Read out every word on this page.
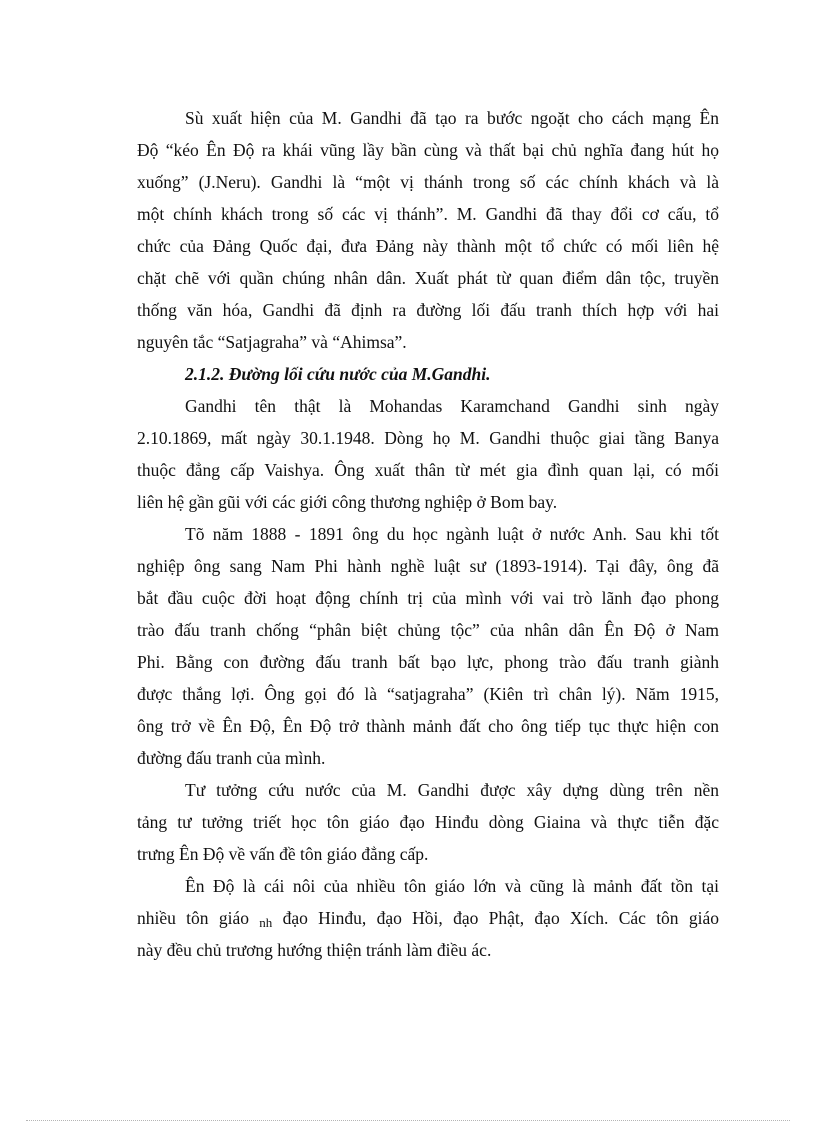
Sù xuất hiện của M. Gandhi đã tạo ra bước ngoặt cho cách mạng Ên
Độ “kéo Ên Độ ra khái vũng lầy bần cùng và thất bại chủ nghĩa đang hút họ
xuống” (J.Neru). Gandhi là “một vị thánh trong số các chính khách và là
một chính khách trong số các vị thánh”. M. Gandhi đã thay đổi cơ cấu, tổ
chức của Đảng Quốc đại, đưa Đảng này thành một tổ chức có mối liên hệ
chặt chẽ với quần chúng nhân dân. Xuất phát từ quan điểm dân tộc, truyền
thống văn hóa, Gandhi đã định ra đường lối đấu tranh thích hợp với hai
nguyên tắc “Satjagraha” và “Ahimsa”.
2.1.2. Đường lối cứu nước của M.Gandhi.
Gandhi tên thật là Mohandas Karamchand Gandhi sinh ngày
2.10.1869, mất ngày 30.1.1948. Dòng họ M. Gandhi thuộc giai tầng Banya
thuộc đẳng cấp Vaishya. Ông xuất thân từ mét gia đình quan lại, có mối
liên hệ gần gũi với các giới công thương nghiệp ở Bom bay.
Tõ năm 1888 - 1891 ông du học ngành luật ở nước Anh. Sau khi tốt
nghiệp ông sang Nam Phi hành nghề luật sư (1893-1914). Tại đây, ông đã
bắt đầu cuộc đời hoạt động chính trị của mình với vai trò lãnh đạo phong
trào đấu tranh chống “phân biệt chủng tộc” của nhân dân Ên Độ ở Nam
Phi. Bằng con đường đấu tranh bất bạo lực, phong trào đấu tranh giành
được thắng lợi. Ông gọi đó là “satjagraha” (Kiên trì chân lý). Năm 1915,
ông trở về Ên Độ, Ên Độ trở thành mảnh đất cho ông tiếp tục thực hiện con
đường đấu tranh của mình.
Tư tưởng cứu nước của M. Gandhi được xây dựng dùng trên nền
tảng tư tưởng triết học tôn giáo đạo Hinđu dòng Giaina và thực tiễn đặc
trưng Ên Độ về vấn đề tôn giáo đẳng cấp.
Ên Độ là cái nôi của nhiều tôn giáo lớn và cũng là mảnh đất tồn tại
nhiều tôn giáo $_{nh}$ đạo Hinđu, đạo Hồi, đạo Phật, đạo Xích. Các tôn giáo
này đều chủ trương hướng thiện tránh làm điều ác.
